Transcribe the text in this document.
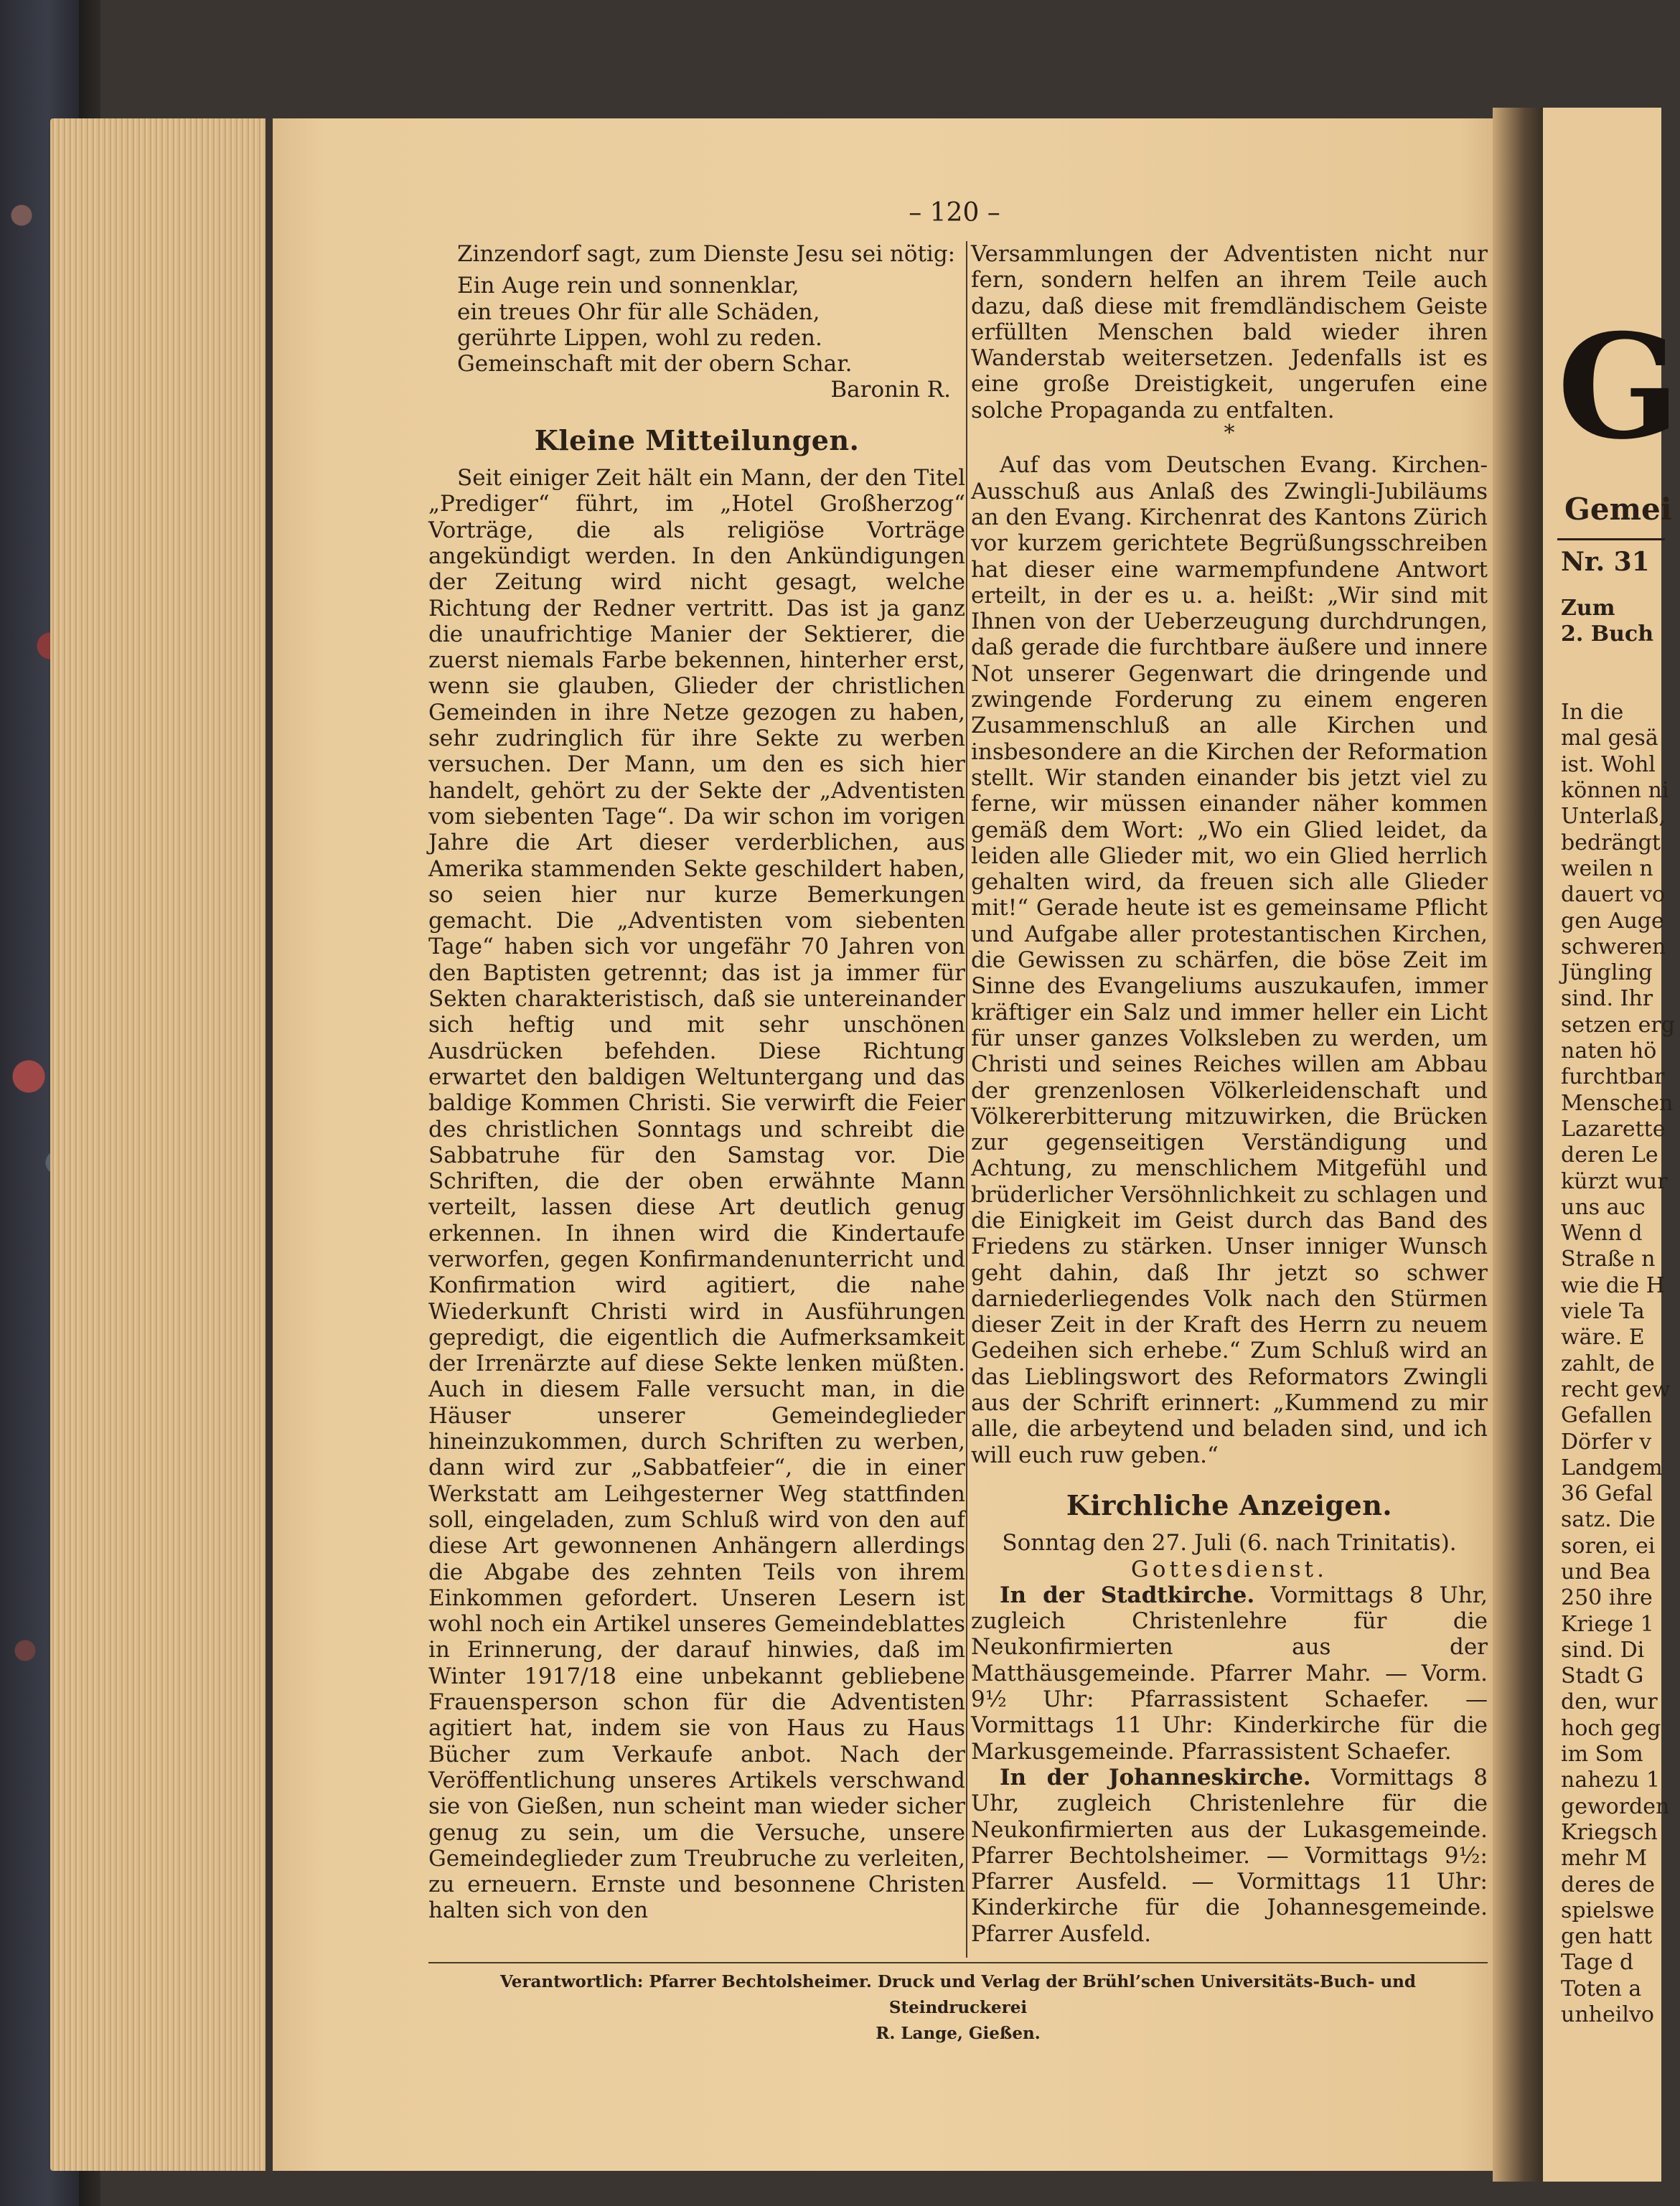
– 120 –

Zinzendorf sagt, zum Dienste Jesu sei nötig:

Ein Auge rein und sonnenklar,
ein treues Ohr für alle Schäden,
gerührte Lippen, wohl zu reden.
Gemeinschaft mit der obern Schar.

Baronin R.

Kleine Mitteilungen.

Seit einiger Zeit hält ein Mann, der den Titel „Prediger“ führt, im „Hotel Großherzog“ Vorträge, die als religiöse Vorträge angekündigt werden. In den Ankündigungen der Zeitung wird nicht gesagt, welche Richtung der Redner vertritt. Das ist ja ganz die unaufrichtige Manier der Sektierer, die zuerst niemals Farbe bekennen, hinterher erst, wenn sie glauben, Glieder der christlichen Gemeinden in ihre Netze gezogen zu haben, sehr zudringlich für ihre Sekte zu werben versuchen. Der Mann, um den es sich hier handelt, gehört zu der Sekte der „Adventisten vom siebenten Tage“. Da wir schon im vorigen Jahre die Art dieser verderblichen, aus Amerika stammenden Sekte geschildert haben, so seien hier nur kurze Bemerkungen gemacht. Die „Adventisten vom siebenten Tage“ haben sich vor ungefähr 70 Jahren von den Baptisten getrennt; das ist ja immer für Sekten charakteristisch, daß sie untereinander sich heftig und mit sehr unschönen Ausdrücken befehden. Diese Richtung erwartet den baldigen Weltuntergang und das baldige Kommen Christi. Sie verwirft die Feier des christlichen Sonntags und schreibt die Sabbatruhe für den Samstag vor. Die Schriften, die der oben erwähnte Mann verteilt, lassen diese Art deutlich genug erkennen. In ihnen wird die Kindertaufe verworfen, gegen Konfirmandenunterricht und Konfirmation wird agitiert, die nahe Wiederkunft Christi wird in Ausführungen gepredigt, die eigentlich die Aufmerksamkeit der Irrenärzte auf diese Sekte lenken müßten. Auch in diesem Falle versucht man, in die Häuser unserer Gemeindeglieder hineinzukommen, durch Schriften zu werben, dann wird zur „Sabbatfeier“, die in einer Werkstatt am Leihgesterner Weg stattfinden soll, eingeladen, zum Schluß wird von den auf diese Art gewonnenen Anhängern allerdings die Abgabe des zehnten Teils von ihrem Einkommen gefordert. Unseren Lesern ist wohl noch ein Artikel unseres Gemeindeblattes in Erinnerung, der darauf hinwies, daß im Winter 1917/18 eine unbekannt gebliebene Frauensperson schon für die Adventisten agitiert hat, indem sie von Haus zu Haus Bücher zum Verkaufe anbot. Nach der Veröffentlichung unseres Artikels verschwand sie von Gießen, nun scheint man wieder sicher genug zu sein, um die Versuche, unsere Gemeindeglieder zum Treubruche zu verleiten, zu erneuern. Ernste und besonnene Christen halten sich von den

Versammlungen der Adventisten nicht nur fern, sondern helfen an ihrem Teile auch dazu, daß diese mit fremdländischem Geiste erfüllten Menschen bald wieder ihren Wanderstab weitersetzen. Jedenfalls ist es eine große Dreistigkeit, ungerufen eine solche Propaganda zu entfalten.

*

Auf das vom Deutschen Evang. Kirchen-Ausschuß aus Anlaß des Zwingli-Jubiläums an den Evang. Kirchenrat des Kantons Zürich vor kurzem gerichtete Begrüßungsschreiben hat dieser eine warmempfundene Antwort erteilt, in der es u. a. heißt: „Wir sind mit Ihnen von der Ueberzeugung durchdrungen, daß gerade die furchtbare äußere und innere Not unserer Gegenwart die dringende und zwingende Forderung zu einem engeren Zusammenschluß an alle Kirchen und insbesondere an die Kirchen der Reformation stellt. Wir standen einander bis jetzt viel zu ferne, wir müssen einander näher kommen gemäß dem Wort: „Wo ein Glied leidet, da leiden alle Glieder mit, wo ein Glied herrlich gehalten wird, da freuen sich alle Glieder mit!“ Gerade heute ist es gemeinsame Pflicht und Aufgabe aller protestantischen Kirchen, die Gewissen zu schärfen, die böse Zeit im Sinne des Evangeliums auszukaufen, immer kräftiger ein Salz und immer heller ein Licht für unser ganzes Volksleben zu werden, um Christi und seines Reiches willen am Abbau der grenzenlosen Völkerleidenschaft und Völkererbitterung mitzuwirken, die Brücken zur gegenseitigen Verständigung und Achtung, zu menschlichem Mitgefühl und brüderlicher Versöhnlichkeit zu schlagen und die Einigkeit im Geist durch das Band des Friedens zu stärken. Unser inniger Wunsch geht dahin, daß Ihr jetzt so schwer darniederliegendes Volk nach den Stürmen dieser Zeit in der Kraft des Herrn zu neuem Gedeihen sich erhebe.“ Zum Schluß wird an das Lieblingswort des Reformators Zwingli aus der Schrift erinnert: „Kummend zu mir alle, die arbeytend und beladen sind, und ich will euch ruw geben.“

Kirchliche Anzeigen.

Sonntag den 27. Juli (6. nach Trinitatis).

Gottesdienst.

In der Stadtkirche. Vormittags 8 Uhr, zugleich Christenlehre für die Neukonfirmierten aus der Matthäusgemeinde. Pfarrer Mahr. — Vorm. 9½ Uhr: Pfarrassistent Schaefer. — Vormittags 11 Uhr: Kinderkirche für die Markusgemeinde. Pfarrassistent Schaefer.

In der Johanneskirche. Vormittags 8 Uhr, zugleich Christenlehre für die Neukonfirmierten aus der Lukasgemeinde. Pfarrer Bechtolsheimer. — Vormittags 9½: Pfarrer Ausfeld. — Vormittags 11 Uhr: Kinderkirche für die Johannesgemeinde. Pfarrer Ausfeld.

Verantwortlich: Pfarrer Bechtolsheimer. Druck und Verlag der Brühl’schen Universitäts-Buch- und Steindruckerei
R. Lange, Gießen.
G
Gemei
Nr. 31
Zum
2. Buch
In die
mal gesä
ist. Wohl
können ni
Unterlaß,
bedrängt
weilen n
dauert vo
gen Auge
schweren
Jüngling
sind. Ihr
setzen erg
naten hö
furchtbar
Menschen
Lazarette
deren Le
kürzt wur
uns auc
Wenn d
Straße n
wie die H
viele Ta
wäre. E
zahlt, de
recht gew
Gefallen
Dörfer v
Landgem
36 Gefal
satz. Die
soren, ei
und Bea
250 ihre
Kriege 1
sind. Di
Stadt G
den, wur
hoch geg
im Som
nahezu 1
geworden
Kriegsch
mehr M
deres de
spielswe
gen hatt
Tage d
Toten a
unheilvo
